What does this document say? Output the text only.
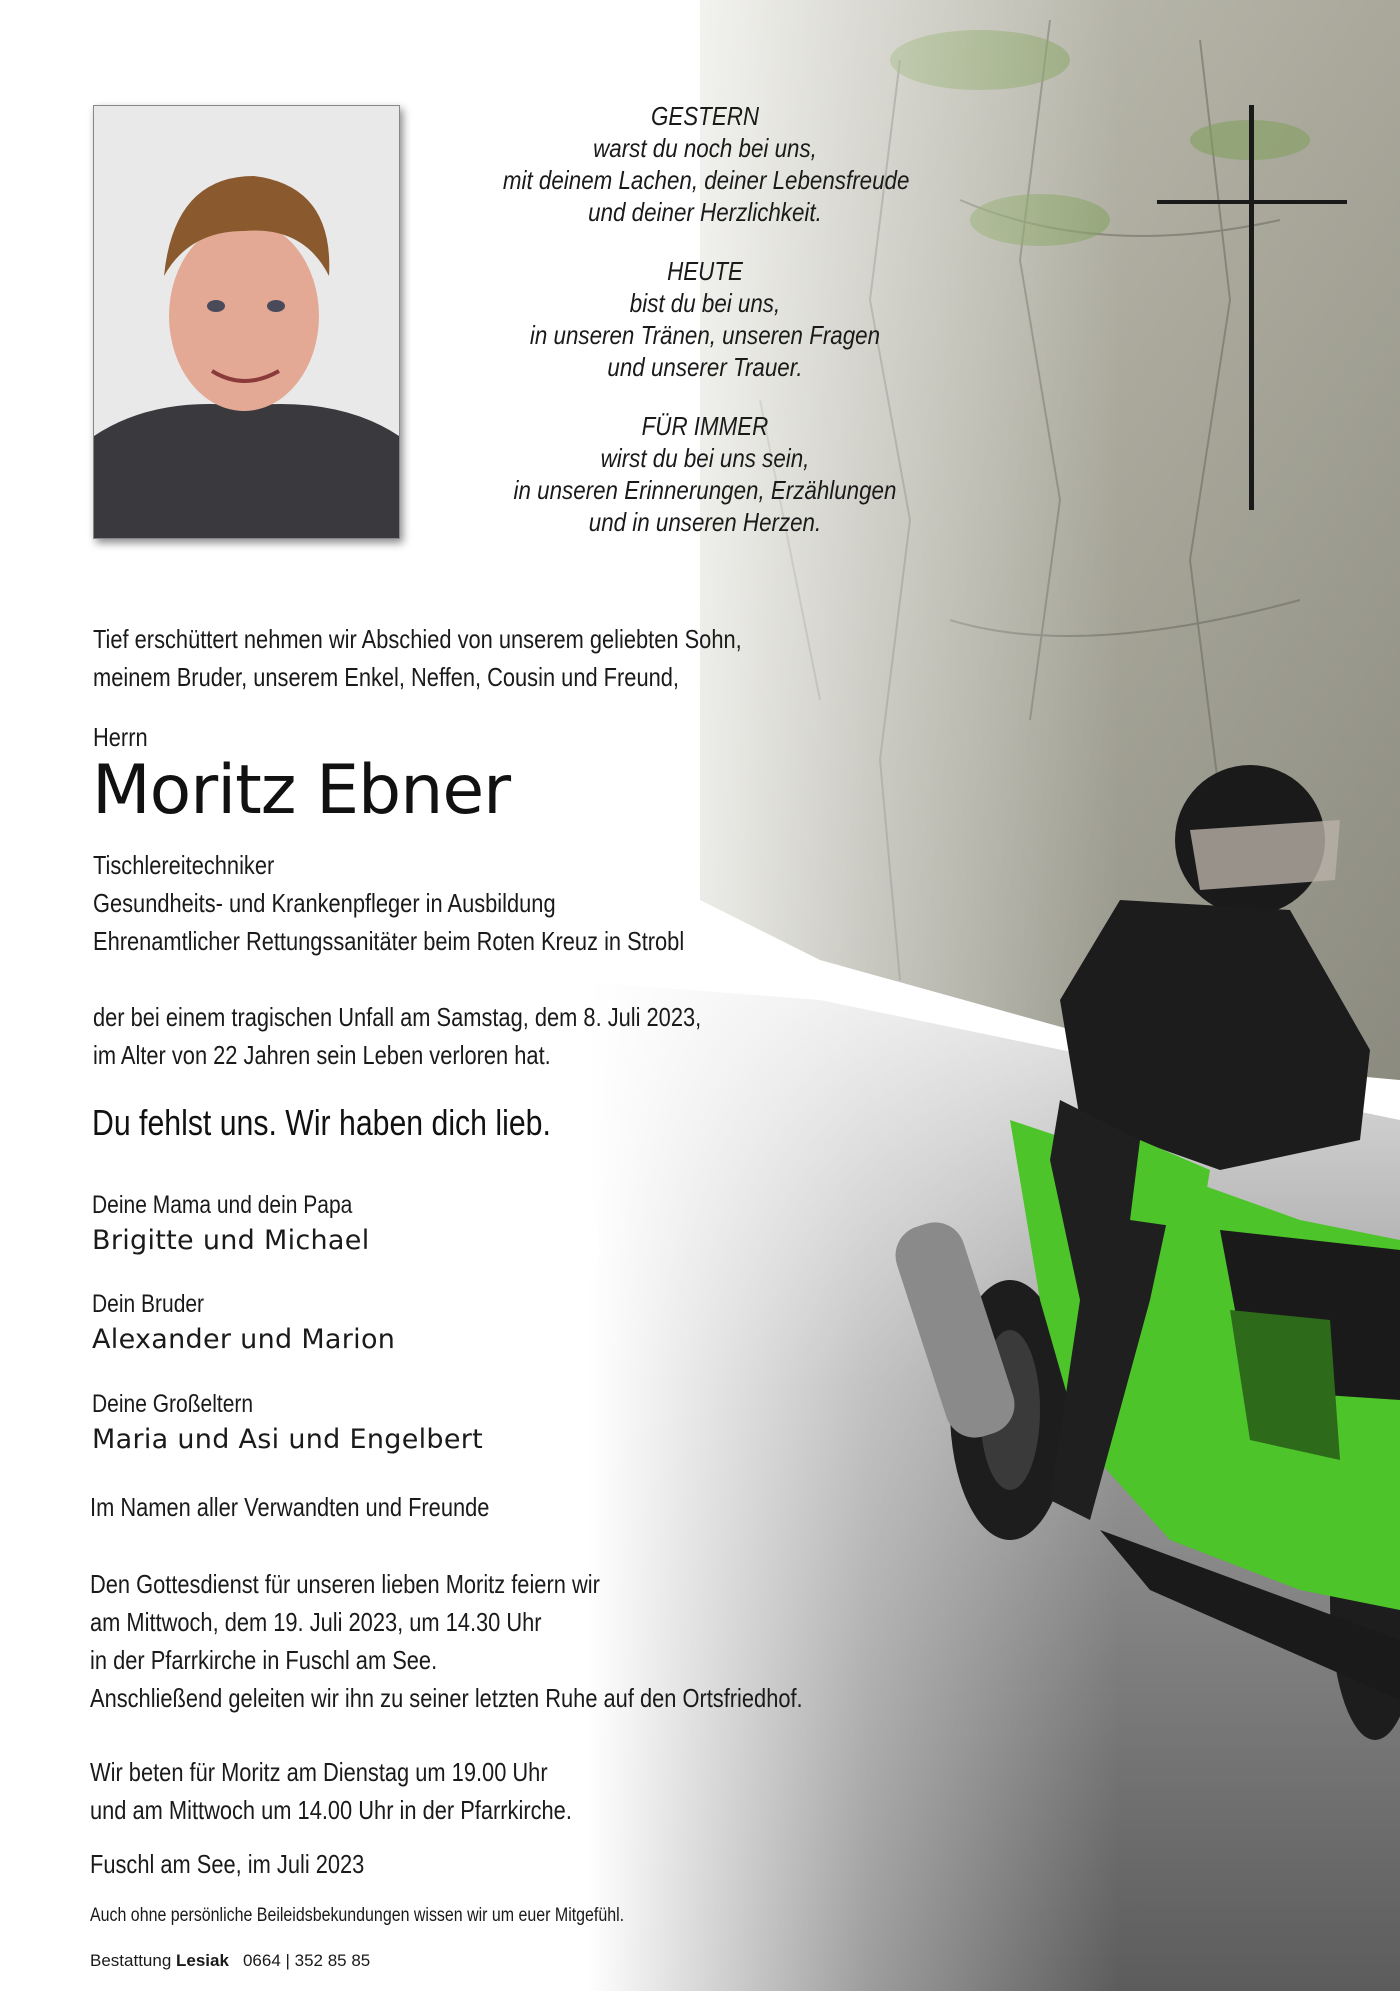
GESTERN
warst du noch bei uns,
mit deinem Lachen, deiner Lebensfreude
und deiner Herzlichkeit.
HEUTE
bist du bei uns,
in unseren Tränen, unseren Fragen
und unserer Trauer.
FÜR IMMER
wirst du bei uns sein,
in unseren Erinnerungen, Erzählungen
und in unseren Herzen.
Tief erschüttert nehmen wir Abschied von unserem geliebten Sohn,
meinem Bruder, unserem Enkel, Neffen, Cousin und Freund,
Herrn
Moritz Ebner
Tischlereitechniker
Gesundheits- und Krankenpfleger in Ausbildung
Ehrenamtlicher Rettungssanitäter beim Roten Kreuz in Strobl
der bei einem tragischen Unfall am Samstag, dem 8. Juli 2023,
im Alter von 22 Jahren sein Leben verloren hat.
Du fehlst uns. Wir haben dich lieb.
Deine Mama und dein Papa
Brigitte und Michael
Dein Bruder
Alexander und Marion
Deine Großeltern
Maria und Asi und Engelbert
Im Namen aller Verwandten und Freunde
Den Gottesdienst für unseren lieben Moritz feiern wir
am Mittwoch, dem 19. Juli 2023, um 14.30 Uhr
in der Pfarrkirche in Fuschl am See.
Anschließend geleiten wir ihn zu seiner letzten Ruhe auf den Ortsfriedhof.
Wir beten für Moritz am Dienstag um 19.00 Uhr
und am Mittwoch um 14.00 Uhr in der Pfarrkirche.
Fuschl am See, im Juli 2023
Auch ohne persönliche Beileidsbekundungen wissen wir um euer Mitgefühl.
Bestattung Lesiak 0664 | 352 85 85
